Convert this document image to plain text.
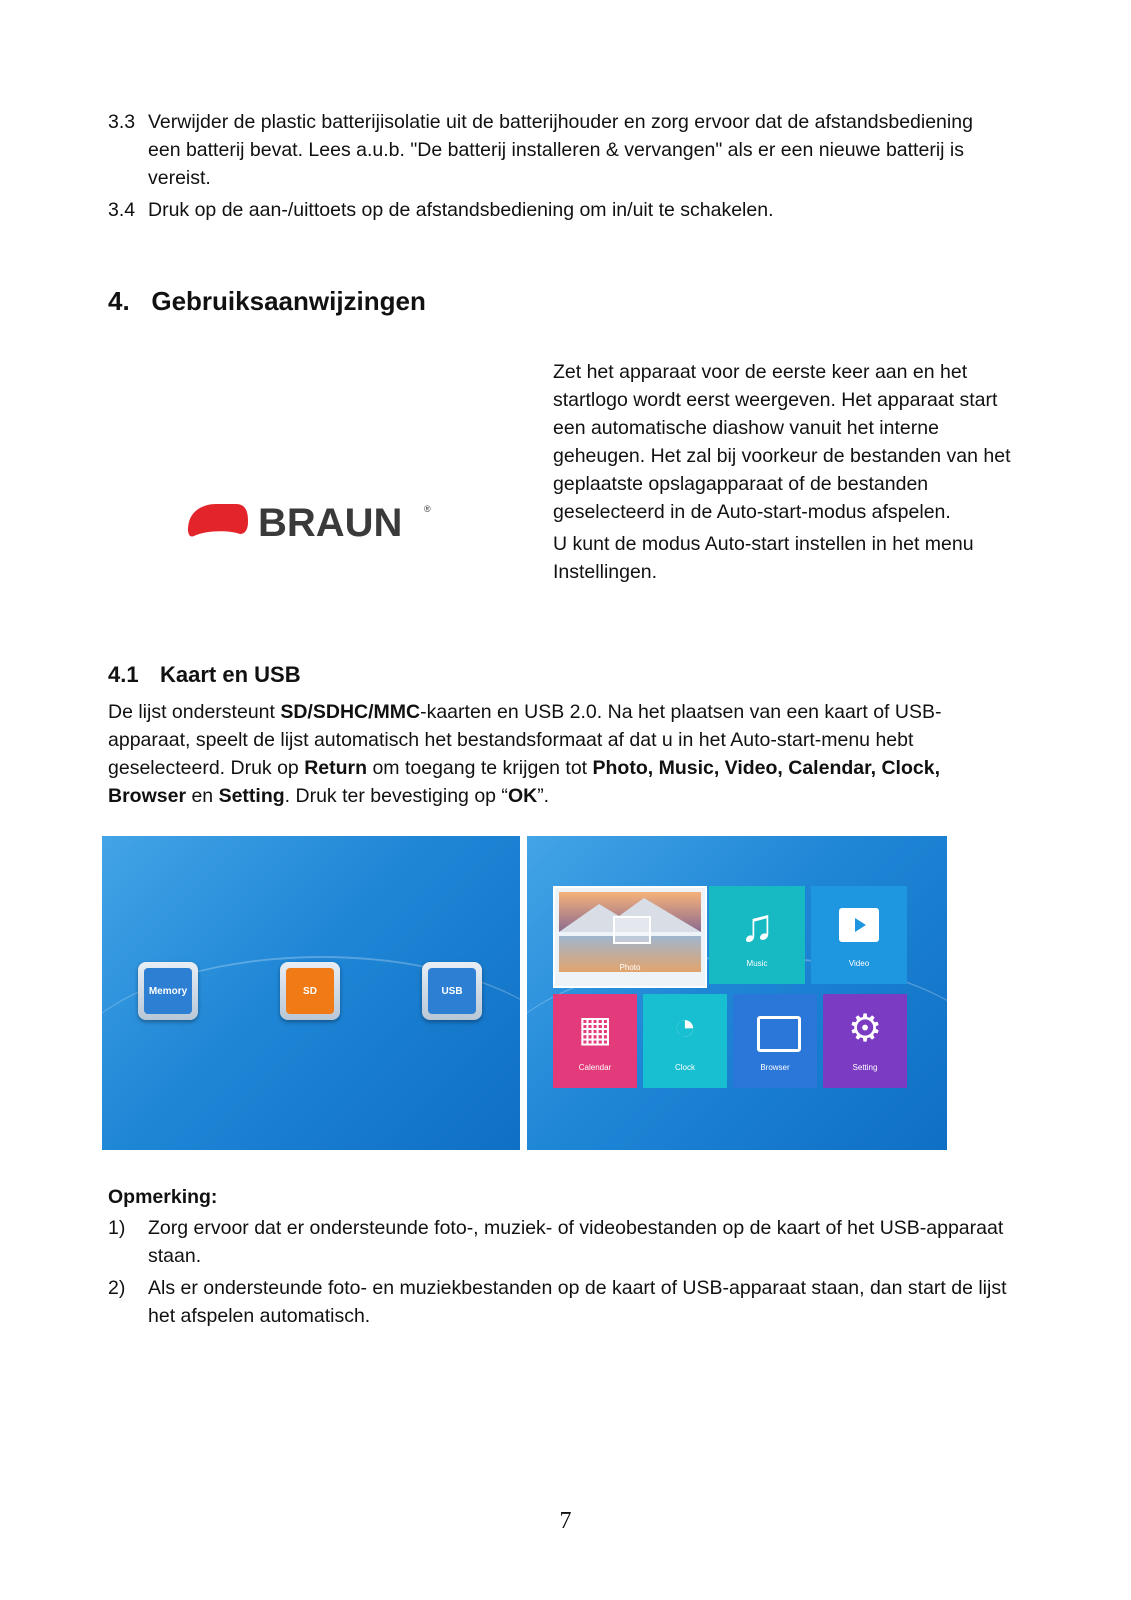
3.3 Verwijder de plastic batterijisolatie uit de batterijhouder en zorg ervoor dat de afstandsbediening een batterij bevat. Lees a.u.b. "De batterij installeren & vervangen" als er een nieuwe batterij is vereist.
3.4 Druk op de aan-/uittoets op de afstandsbediening om in/uit te schakelen.
4.   Gebruiksaanwijzingen
BRAUN ®

Zet het apparaat voor de eerste keer aan en het startlogo wordt eerst weergeven. Het apparaat start een automatische diashow vanuit het interne geheugen. Het zal bij voorkeur de bestanden van het geplaatste opslagapparaat of de bestanden geselecteerd in de Auto-start-modus afspelen.

U kunt de modus Auto-start instellen in het menu Instellingen.

4.1 Kaart en USB

De lijst ondersteunt SD/SDHC/MMC-kaarten en USB 2.0. Na het plaatsen van een kaart of USB-apparaat, speelt de lijst automatisch het bestandsformaat af dat u in het Auto-start-menu hebt geselecteerd. Druk op Return om toegang te krijgen tot Photo, Music, Video, Calendar, Clock, Browser en Setting. Druk ter bevestiging op “OK”.

Memory	SD	USB
Photo
♫
Music	Video
▦
Calendar
◔
Clock	Browser
⚙
Setting
Opmerking:
1) Zorg ervoor dat er ondersteunde foto-, muziek- of videobestanden op de kaart of het USB-apparaat staan.
2) Als er ondersteunde foto- en muziekbestanden op de kaart of USB-apparaat staan, dan start de lijst het afspelen automatisch.
7
